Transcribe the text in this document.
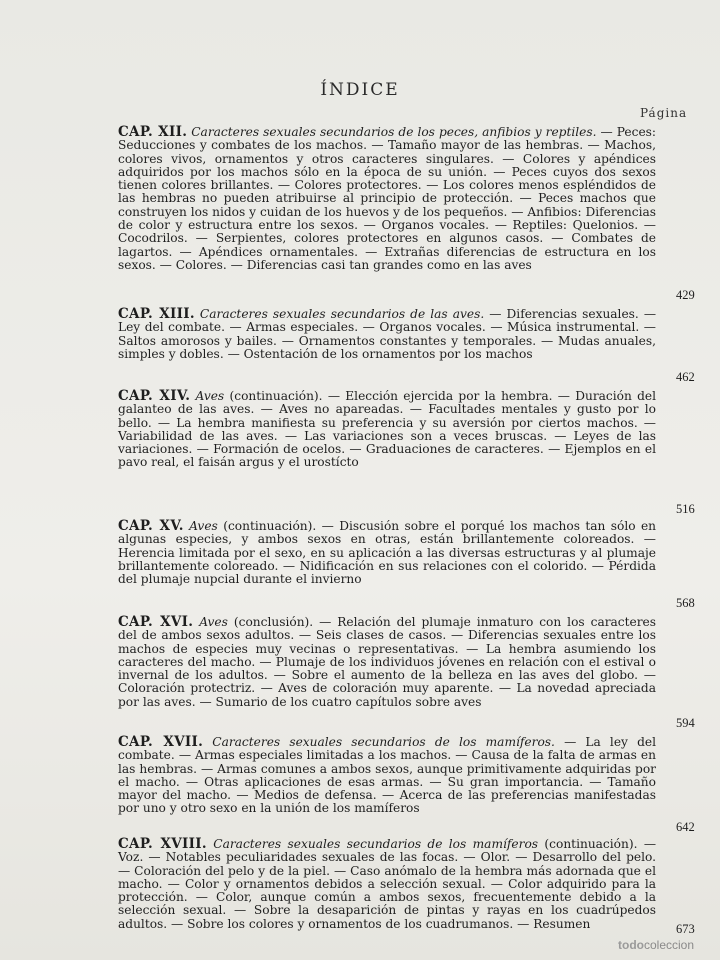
ÍNDICE
Página

CAP. XII. Caracteres sexuales secundarios de los peces, anfibios y reptiles. — Peces: Seducciones y combates de los machos. — Tamaño mayor de las hembras. — Machos, colores vivos, ornamentos y otros caracteres singulares. — Colores y apéndices adquiridos por los machos sólo en la época de su unión. — Peces cuyos dos sexos tienen colores brillantes. — Colores protectores. — Los colores menos espléndidos de las hembras no pueden atribuirse al principio de protección. — Peces machos que construyen los nidos y cuidan de los huevos y de los pequeños. — Anfibios: Diferencias de color y estructura entre los sexos. — Organos vocales. — Reptiles: Quelonios. — Cocodrilos. — Serpientes, colores protectores en algunos casos. — Combates de lagartos. — Apéndices ornamentales. — Extrañas diferencias de estructura en los sexos. — Colores. — Diferencias casi tan grandes como en las aves

429

CAP. XIII. Caracteres sexuales secundarios de las aves. — Diferencias sexuales. — Ley del combate. — Armas especiales. — Organos vocales. — Música instrumental. — Saltos amorosos y bailes. — Ornamentos constantes y temporales. — Mudas anuales, simples y dobles. — Ostentación de los ornamentos por los machos

462

CAP. XIV. Aves (continuación). — Elección ejercida por la hembra. — Duración del galanteo de las aves. — Aves no apareadas. — Facultades mentales y gusto por lo bello. — La hembra manifiesta su preferencia y su aversión por ciertos machos. — Variabilidad de las aves. — Las variaciones son a veces bruscas. — Leyes de las variaciones. — Formación de ocelos. — Graduaciones de caracteres. — Ejemplos en el pavo real, el faisán argus y el urostícto

516

CAP. XV. Aves (continuación). — Discusión sobre el porqué los machos tan sólo en algunas especies, y ambos sexos en otras, están brillantemente coloreados. — Herencia limitada por el sexo, en su aplicación a las diversas estructuras y al plumaje brillantemente coloreado. — Nidificación en sus relaciones con el colorido. — Pérdida del plumaje nupcial durante el invierno

568

CAP. XVI. Aves (conclusión). — Relación del plumaje inmaturo con los caracteres del de ambos sexos adultos. — Seis clases de casos. — Diferencias sexuales entre los machos de especies muy vecinas o representativas. — La hembra asumiendo los caracteres del macho. — Plumaje de los individuos jóvenes en relación con el estival o invernal de los adultos. — Sobre el aumento de la belleza en las aves del globo. — Coloración protectriz. — Aves de coloración muy aparente. — La novedad apreciada por las aves. — Sumario de los cuatro capítulos sobre aves

594

CAP. XVII. Caracteres sexuales secundarios de los mamíferos. — La ley del combate. — Armas especiales limitadas a los machos. — Causa de la falta de armas en las hembras. — Armas comunes a ambos sexos, aunque primitivamente adquiridas por el macho. — Otras aplicaciones de esas armas. — Su gran importancia. — Tamaño mayor del macho. — Medios de defensa. — Acerca de las preferencias manifestadas por uno y otro sexo en la unión de los mamíferos

642

CAP. XVIII. Caracteres sexuales secundarios de los mamíferos (continuación). — Voz. — Notables peculiaridades sexuales de las focas. — Olor. — Desarrollo del pelo. — Coloración del pelo y de la piel. — Caso anómalo de la hembra más adornada que el macho. — Color y ornamentos debidos a selección sexual. — Color adquirido para la protección. — Color, aunque común a ambos sexos, frecuentemente debido a la selección sexual. — Sobre la desaparición de pintas y rayas en los cuadrúpedos adultos. — Sobre los colores y ornamentos de los cuadrumanos. — Resumen	673
todocoleccion
